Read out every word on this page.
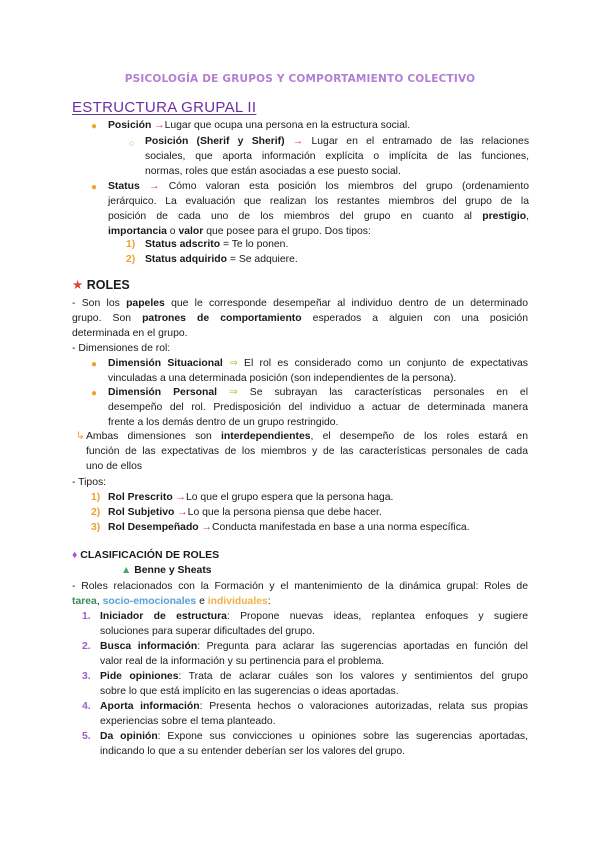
PSICOLOGÍA DE GRUPOS Y COMPORTAMIENTO COLECTIVO
ESTRUCTURA GRUPAL II
● Posición →Lugar que ocupa una persona en la estructura social.
○ Posición (Sherif y Sherif) → Lugar en el entramado de las relaciones
sociales, que aporta información explícita o implícita de las funciones,
normas, roles que están asociadas a ese puesto social.
● Status → Cómo valoran esta posición los miembros del grupo (ordenamiento
jerárquico. La evaluación que realizan los restantes miembros del grupo de la
posición de cada uno de los miembros del grupo en cuanto al prestigio,
importancia o valor que posee para el grupo. Dos tipos:
1) Status adscrito = Te lo ponen.
2) Status adquirido = Se adquiere.
★ ROLES
- Son los papeles que le corresponde desempeñar al individuo dentro de un determinado
grupo. Son patrones de comportamiento esperados a alguien con una posición
determinada en el grupo.
- Dimensiones de rol:
● Dimensión Situacional ⇒ El rol es considerado como un conjunto de expectativas
vinculadas a una determinada posición (son independientes de la persona).
● Dimensión Personal ⇒ Se subrayan las características personales en el
desempeño del rol. Predisposición del individuo a actuar de determinada manera
frente a los demás dentro de un grupo restringido.
↳ Ambas dimensiones son interdependientes, el desempeño de los roles estará en
función de las expectativas de los miembros y de las características personales de cada
uno de ellos
- Tipos:
1) Rol Prescrito →Lo que el grupo espera que la persona haga.
2) Rol Subjetivo →Lo que la persona piensa que debe hacer.
3) Rol Desempeñado →Conducta manifestada en base a una norma específica.
♦ CLASIFICACIÓN DE ROLES
▲ Benne y Sheats
- Roles relacionados con la Formación y el mantenimiento de la dinámica grupal: Roles de
tarea, socio-emocionales e individuales:
1. Iniciador de estructura: Propone nuevas ideas, replantea enfoques y sugiere
soluciones para superar dificultades del grupo.
2. Busca información: Pregunta para aclarar las sugerencias aportadas en función del
valor real de la información y su pertinencia para el problema.
3. Pide opiniones: Trata de aclarar cuáles son los valores y sentimientos del grupo
sobre lo que está implícito en las sugerencias o ideas aportadas.
4. Aporta información: Presenta hechos o valoraciones autorizadas, relata sus propias
experiencias sobre el tema planteado.
5. Da opinión: Expone sus convicciones u opiniones sobre las sugerencias aportadas,
indicando lo que a su entender deberían ser los valores del grupo.
